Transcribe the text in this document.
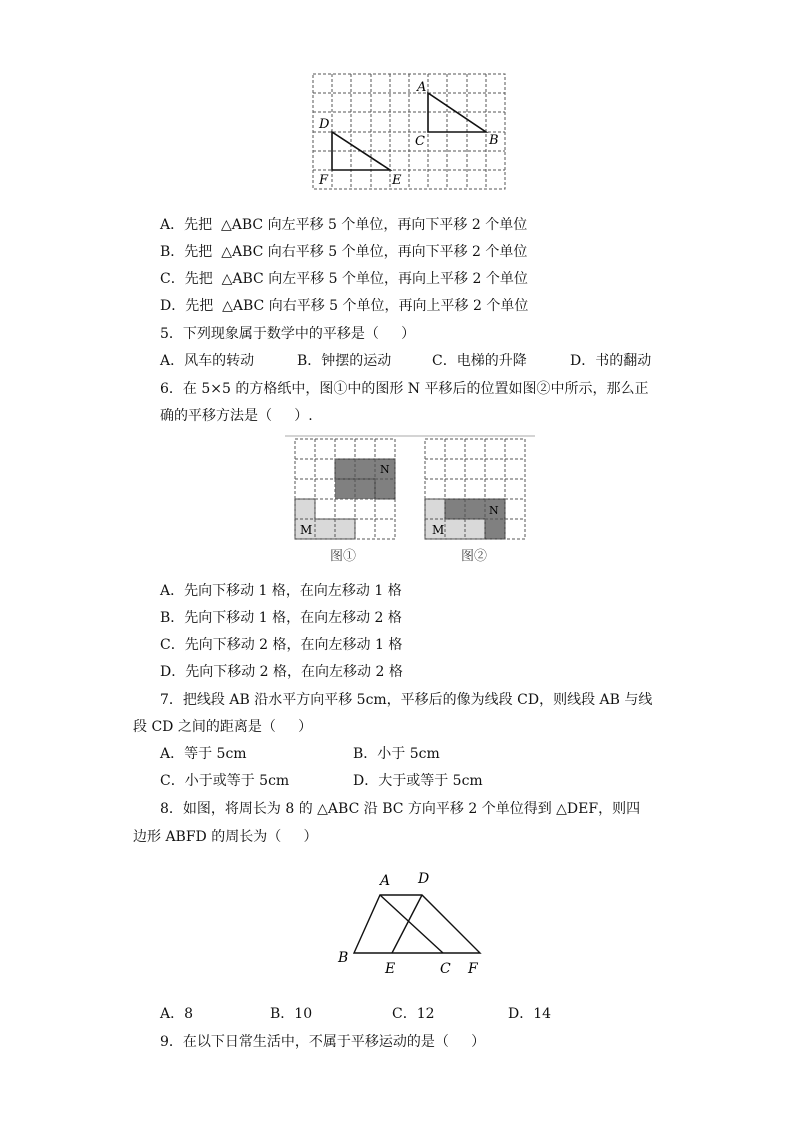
A
C	B
D
F	E
A．先把  △ABC 向左平移 5 个单位，再向下平移 2 个单位
B．先把  △ABC 向右平移 5 个单位，再向下平移 2 个单位
C．先把  △ABC 向左平移 5 个单位，再向上平移 2 个单位
D．先把  △ABC 向右平移 5 个单位，再向上平移 2 个单位
5．下列现象属于数学中的平移是（     ）
A．风车的转动	B．钟摆的运动	C．电梯的升降	D．书的翻动
6．在 5×5 的方格纸中，图①中的图形 N 平移后的位置如图②中所示，那么正
确的平移方法是（     ）.
N
M
图①
N
M
图②
A．先向下移动 1 格，在向左移动 1 格
B．先向下移动 1 格，在向左移动 2 格
C．先向下移动 2 格，在向左移动 1 格
D．先向下移动 2 格，在向左移动 2 格
7．把线段 AB 沿水平方向平移 5cm，平移后的像为线段 CD，则线段 AB 与线
段 CD 之间的距离是（     ）
A．等于 5cm	B．小于 5cm
C．小于或等于 5cm	D．大于或等于 5cm
8．如图，将周长为 8 的 △ABC 沿 BC 方向平移 2 个单位得到 △DEF，则四
边形 ABFD 的周长为（     ）
A D
B
E	C F
A．8	B．10	C．12	D．14
9．在以下日常生活中，不属于平移运动的是（     ）
